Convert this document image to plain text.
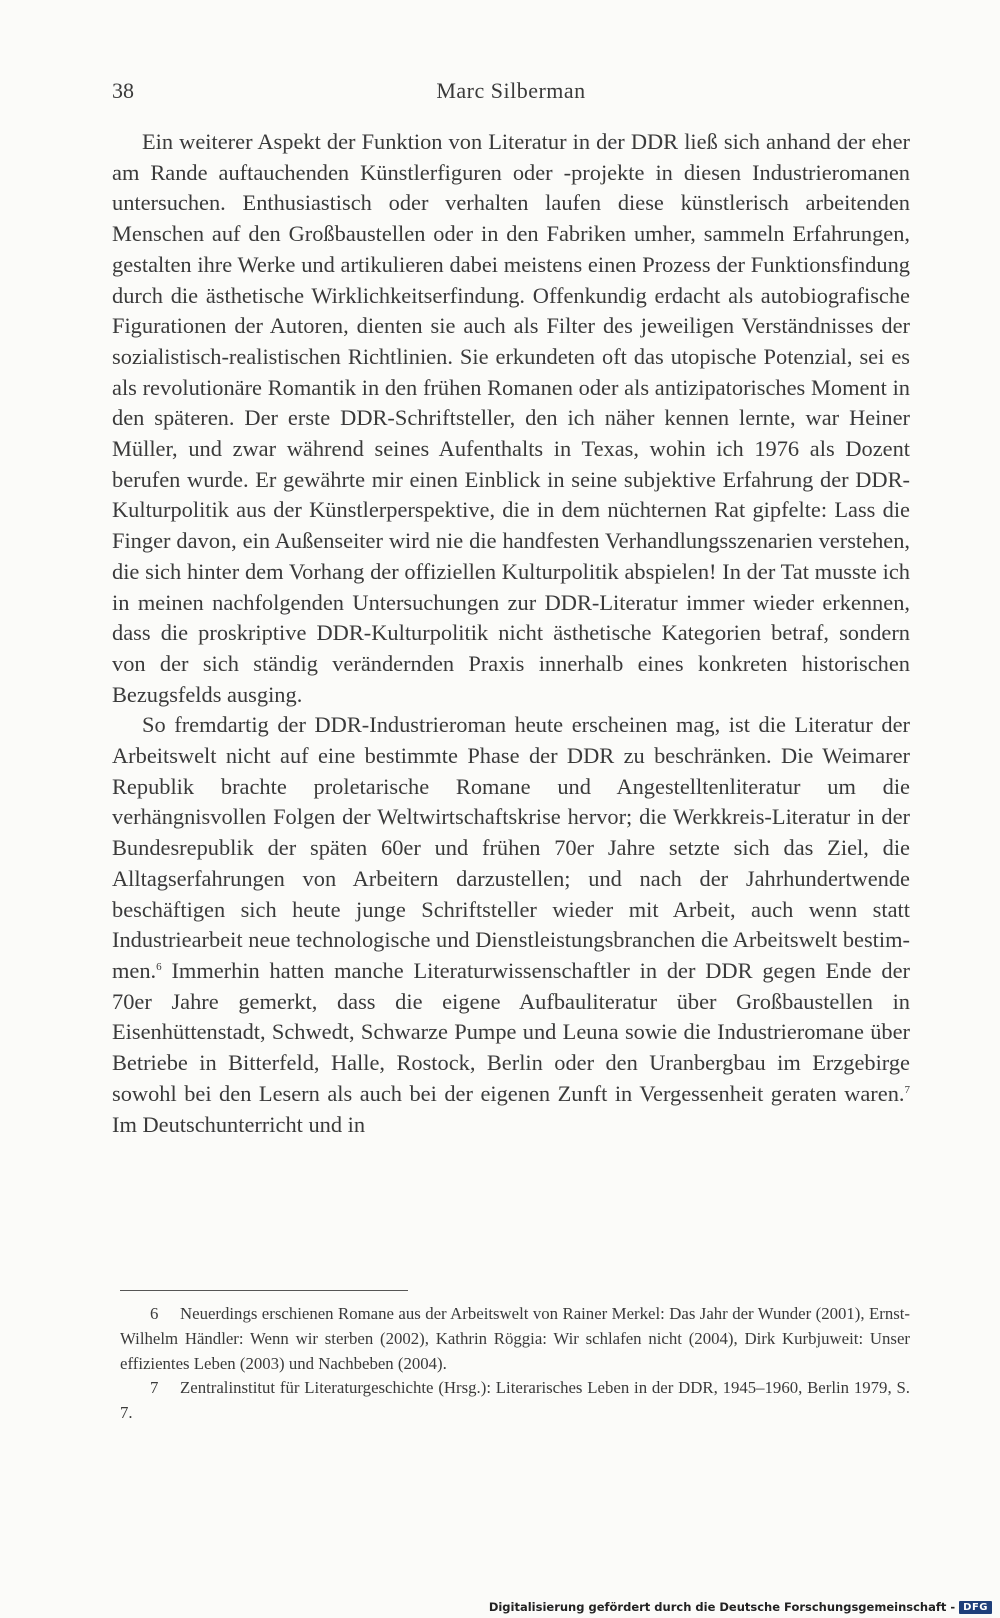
38	Marc Silberman

Ein weiterer Aspekt der Funktion von Literatur in der DDR ließ sich anhand der eher am Rande auftauchenden Künstlerfiguren oder -projekte in diesen Industrieromanen untersuchen. Enthusiastisch oder verhalten laufen diese künstlerisch arbeitenden Menschen auf den Großbaustellen oder in den Fabriken umher, sammeln Erfahrungen, gestalten ihre Werke und artikulieren dabei meistens einen Prozess der Funktionsfindung durch die ästhetische Wirklichkeitserfindung. Offenkundig erdacht als autobiografische Figurationen der Autoren, dienten sie auch als Filter des jeweiligen Verständnisses der sozialistisch-realistischen Richtlinien. Sie erkundeten oft das utopische Potenzial, sei es als revolutionäre Romantik in den frühen Romanen oder als antizipatorisches Moment in den späteren. Der erste DDR-Schriftsteller, den ich näher kennen lernte, war Heiner Müller, und zwar während seines Aufenthalts in Texas, wohin ich 1976 als Dozent berufen wurde. Er gewährte mir einen Einblick in seine subjektive Erfahrung der DDR-Kulturpolitik aus der Künstlerperspektive, die in dem nüchternen Rat gipfelte: Lass die Finger davon, ein Außenseiter wird nie die handfesten Verhandlungsszenarien verstehen, die sich hinter dem Vorhang der offiziellen Kulturpolitik abspielen! In der Tat musste ich in meinen nachfolgenden Untersuchungen zur DDR-Literatur immer wieder erkennen, dass die proskriptive DDR-Kulturpolitik nicht ästhetische Kategorien betraf, sondern von der sich ständig verändernden Praxis innerhalb eines konkreten historischen Bezugsfelds ausging.

So fremdartig der DDR-Industrieroman heute erscheinen mag, ist die Literatur der Arbeitswelt nicht auf eine bestimmte Phase der DDR zu beschränken. Die Weimarer Republik brachte proletarische Romane und Angestelltenliteratur um die verhängnisvollen Folgen der Weltwirtschaftskrise hervor; die Werkkreis-Literatur in der Bundesrepublik der späten 60er und frühen 70er Jahre setzte sich das Ziel, die Alltagserfahrungen von Arbeitern darzustellen; und nach der Jahrhundertwende beschäftigen sich heute junge Schriftsteller wieder mit Arbeit, auch wenn statt Industriearbeit neue technologische und Dienstleistungsbranchen die Arbeitswelt bestimmen.$^6$ Immerhin hatten manche Literaturwissenschaftler in der DDR gegen Ende der 70er Jahre gemerkt, dass die eigene Aufbauliteratur über Großbaustellen in Eisenhüttenstadt, Schwedt, Schwarze Pumpe und Leuna sowie die Industrieromane über Betriebe in Bitterfeld, Halle, Rostock, Berlin oder den Uranbergbau im Erzgebirge sowohl bei den Lesern als auch bei der eigenen Zunft in Vergessenheit geraten waren.$^7$ Im Deutschunterricht und in

6 Neuerdings erschienen Romane aus der Arbeitswelt von Rainer Merkel: Das Jahr der Wunder (2001), Ernst-Wilhelm Händler: Wenn wir sterben (2002), Kathrin Röggia: Wir schlafen nicht (2004), Dirk Kurbjuweit: Unser effizientes Leben (2003) und Nachbeben (2004).

7 Zentralinstitut für Literaturgeschichte (Hrsg.): Literarisches Leben in der DDR, 1945–1960, Berlin 1979, S. 7.

Digitalisierung gefördert durch die Deutsche Forschungsgemeinschaft - DFG
